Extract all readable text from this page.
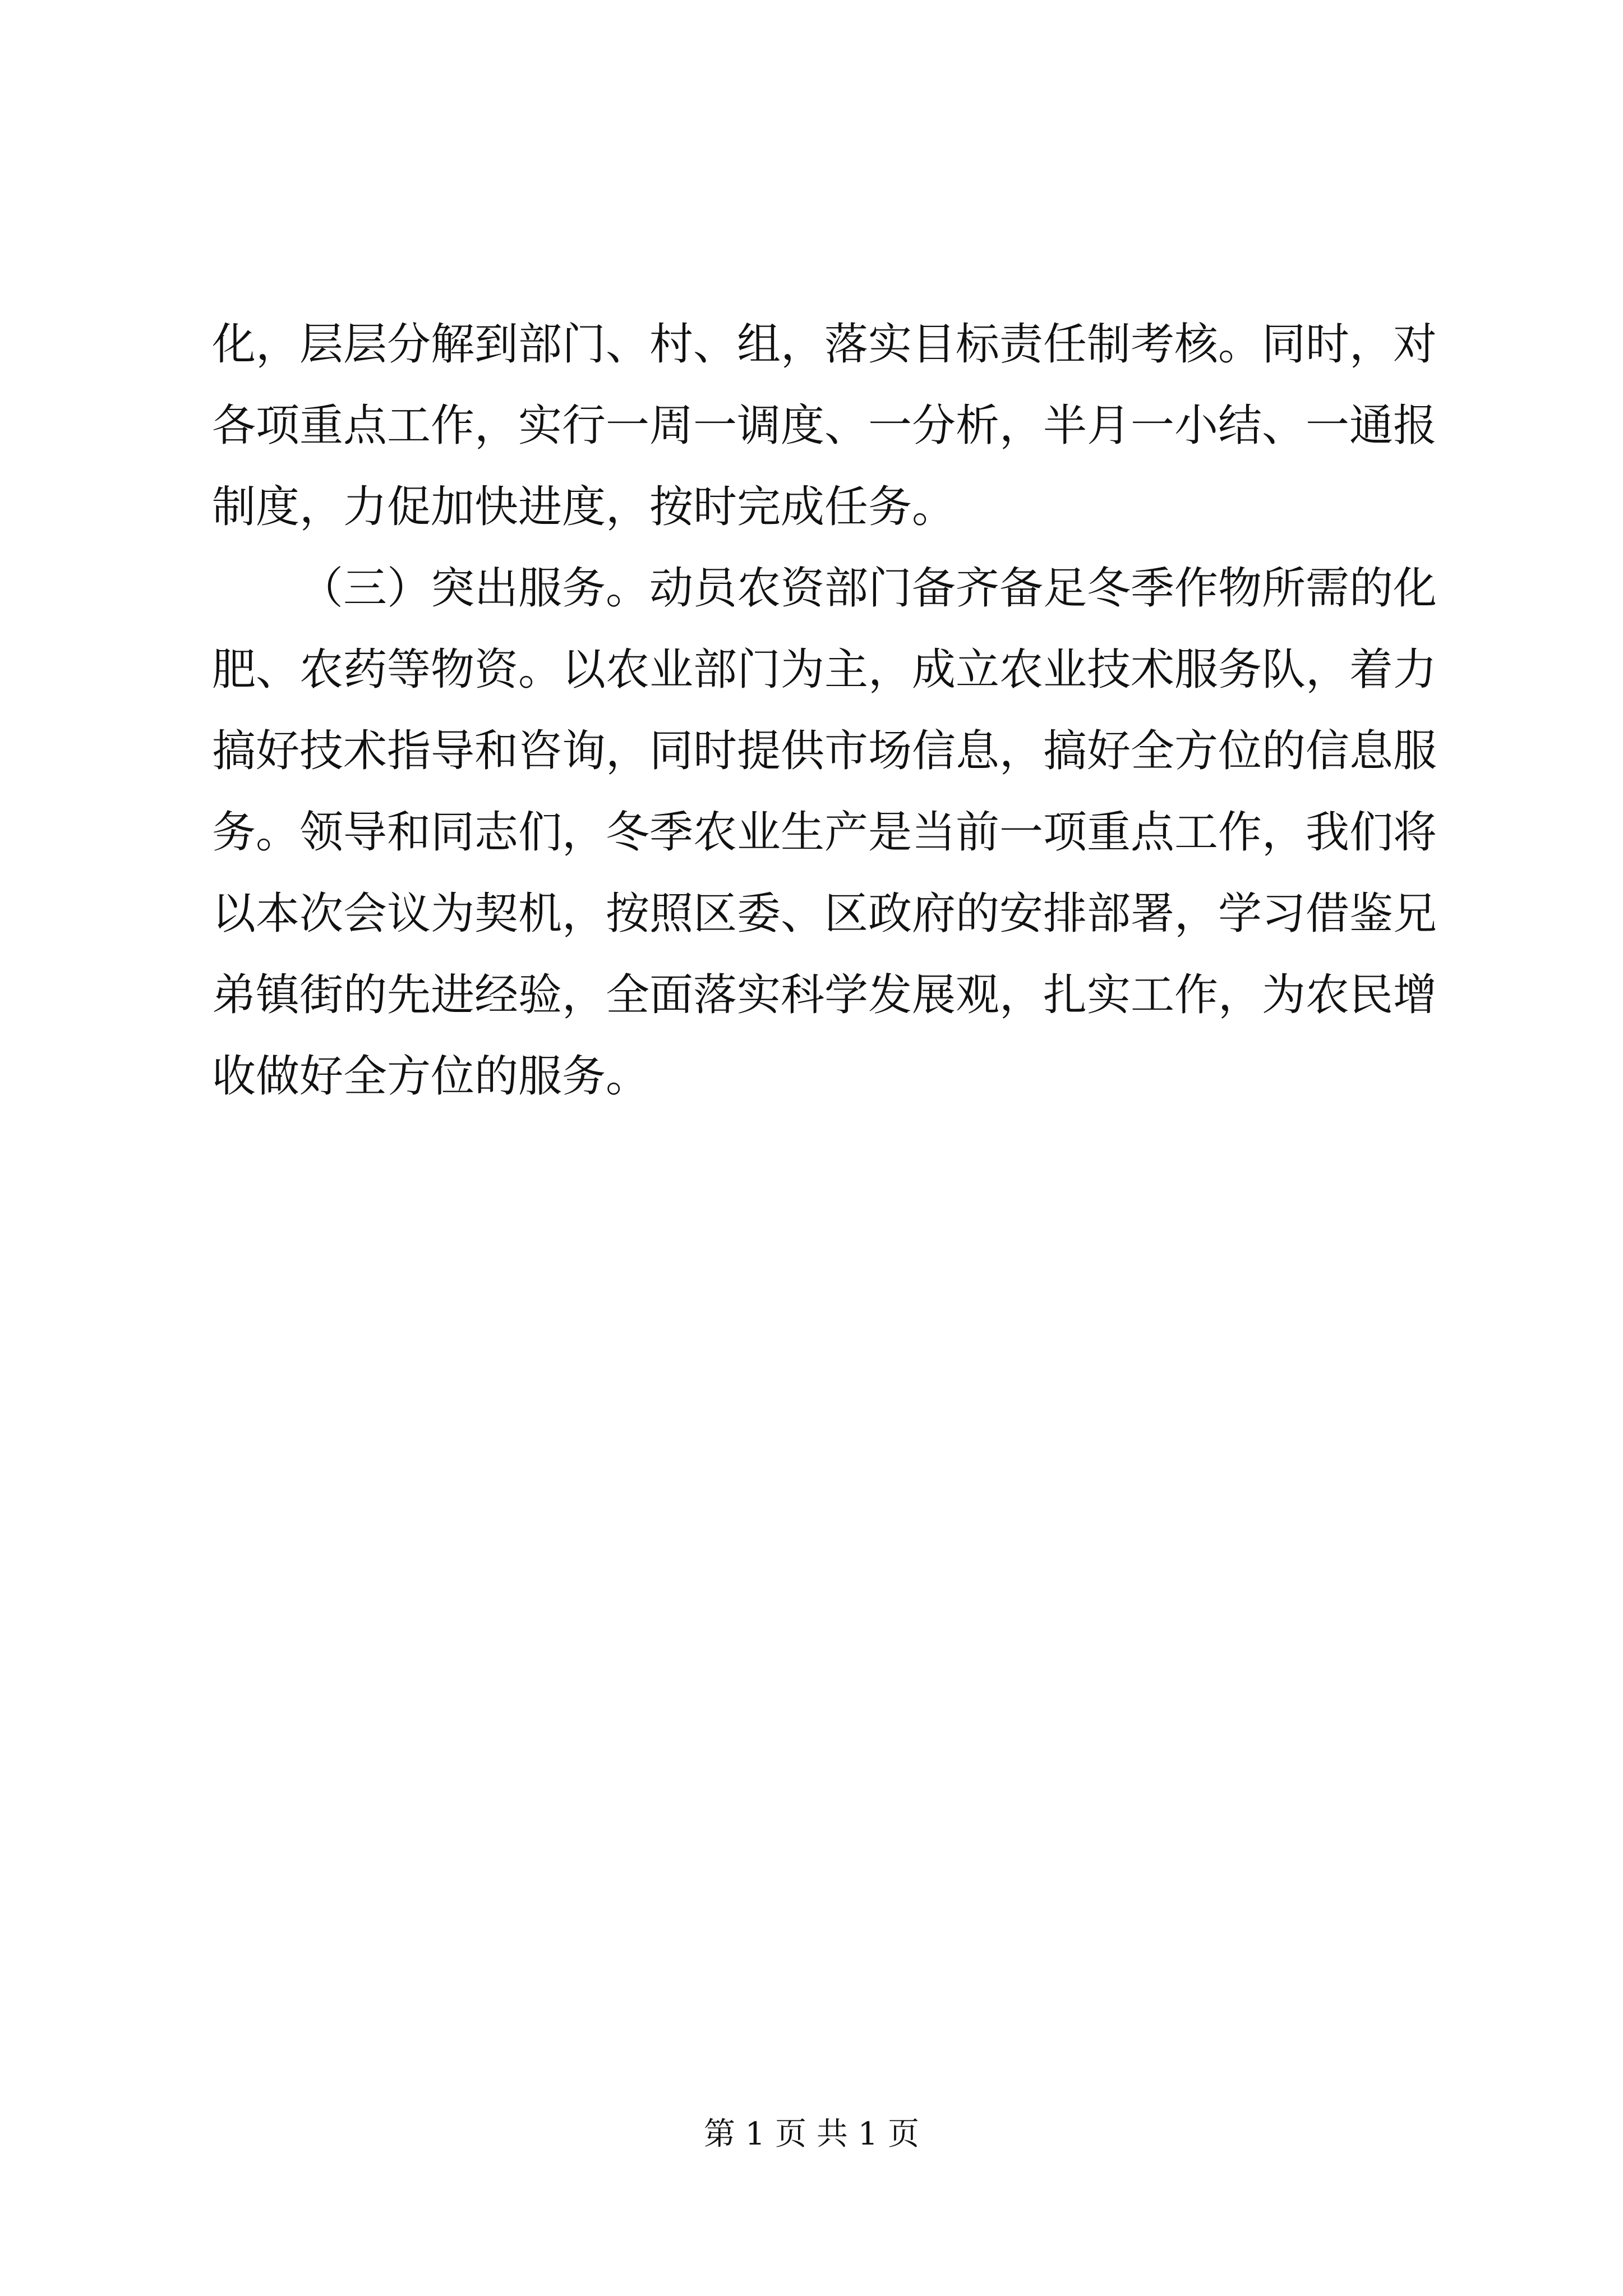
化，层层分解到部门、村、组，落实目标责任制考核。同时，对
各项重点工作，实行一周一调度、一分析，半月一小结、一通报
制度，力促加快进度，按时完成任务。
（三）突出服务。动员农资部门备齐备足冬季作物所需的化
肥、农药等物资。以农业部门为主，成立农业技术服务队，着力
搞好技术指导和咨询，同时提供市场信息，搞好全方位的信息服
务。领导和同志们，冬季农业生产是当前一项重点工作，我们将
以本次会议为契机，按照区委、区政府的安排部署，学习借鉴兄
弟镇街的先进经验，全面落实科学发展观，扎实工作，为农民增
收做好全方位的服务。
第 1 页 共 1 页
